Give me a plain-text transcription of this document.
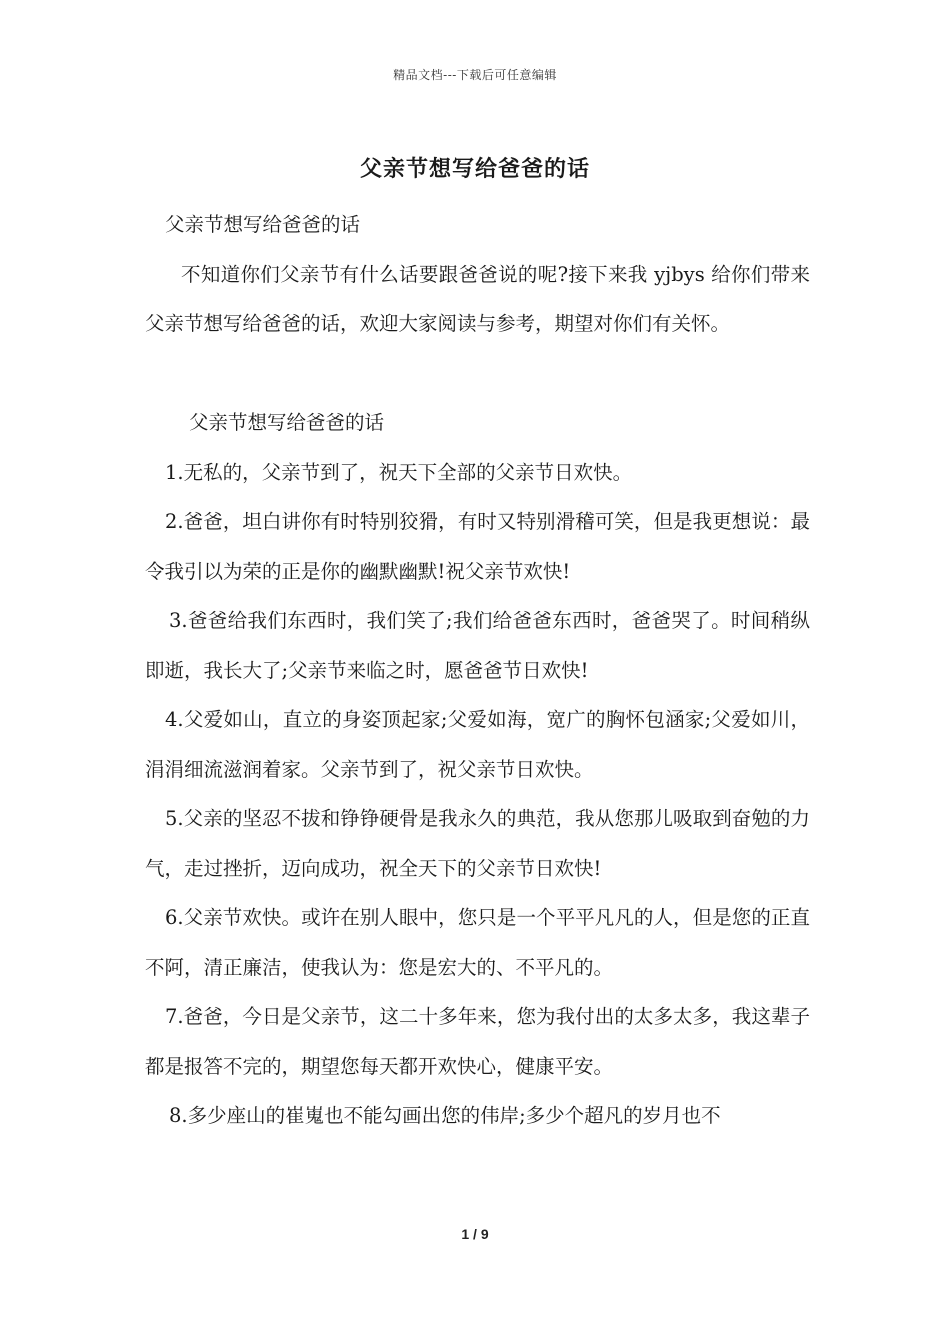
精品文档---下载后可任意编辑
父亲节想写给爸爸的话

父亲节想写给爸爸的话

不知道你们父亲节有什么话要跟爸爸说的呢?接下来我 yjbys 给你们带来父亲节想写给爸爸的话，欢迎大家阅读与参考，期望对你们有关怀。

父亲节想写给爸爸的话

1.无私的，父亲节到了，祝天下全部的父亲节日欢快。

2.爸爸，坦白讲你有时特别狡猾，有时又特别滑稽可笑，但是我更想说：最令我引以为荣的正是你的幽默幽默!祝父亲节欢快!

3.爸爸给我们东西时，我们笑了;我们给爸爸东西时，爸爸哭了。时间稍纵即逝，我长大了;父亲节来临之时，愿爸爸节日欢快!

4.父爱如山，直立的身姿顶起家;父爱如海，宽广的胸怀包涵家;父爱如川，涓涓细流滋润着家。父亲节到了，祝父亲节日欢快。

5.父亲的坚忍不拔和铮铮硬骨是我永久的典范，我从您那儿吸取到奋勉的力气，走过挫折，迈向成功，祝全天下的父亲节日欢快!

6.父亲节欢快。或许在别人眼中，您只是一个平平凡凡的人，但是您的正直不阿，清正廉洁，使我认为：您是宏大的、不平凡的。

7.爸爸，今日是父亲节，这二十多年来，您为我付出的太多太多，我这辈子都是报答不完的，期望您每天都开欢快心，健康平安。

8.多少座山的崔嵬也不能勾画出您的伟岸;多少个超凡的岁月也不

1 / 9
